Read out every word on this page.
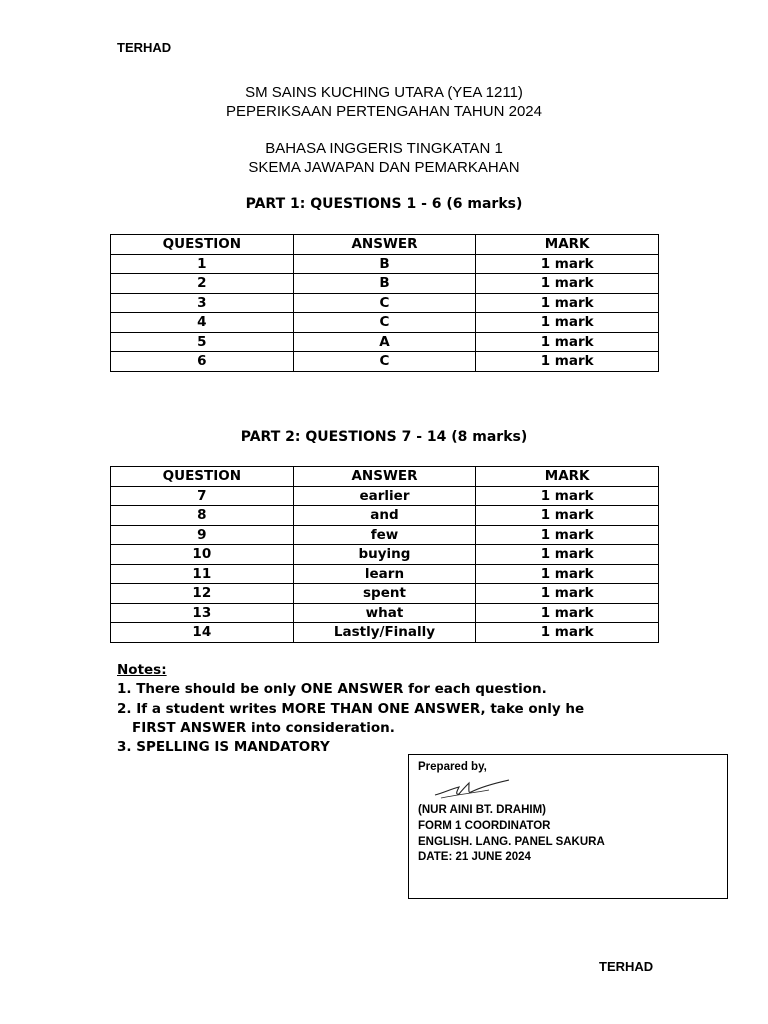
TERHAD
SM SAINS KUCHING UTARA (YEA 1211)
PEPERIKSAAN PERTENGAHAN TAHUN 2024
BAHASA INGGERIS TINGKATAN 1
SKEMA JAWAPAN DAN PEMARKAHAN
PART 1: QUESTIONS 1 - 6 (6 marks)
QUESTION	ANSWER	MARK
1	B	1 mark
2	B	1 mark
3	C	1 mark
4	C	1 mark
5	A	1 mark
6	C	1 mark
PART 2: QUESTIONS 7 - 14 (8 marks)
QUESTION	ANSWER	MARK
7	earlier	1 mark
8	and	1 mark
9	few	1 mark
10	buying	1 mark
11	learn	1 mark
12	spent	1 mark
13	what	1 mark
14	Lastly/Finally	1 mark
Notes:
1. There should be only ONE ANSWER for each question.
2. If a student writes MORE THAN ONE ANSWER, take only he
FIRST ANSWER into consideration.
3. SPELLING IS MANDATORY
Prepared by,
(NUR AINI BT. DRAHIM)
FORM 1 COORDINATOR
ENGLISH. LANG. PANEL SAKURA
DATE: 21 JUNE 2024
TERHAD
